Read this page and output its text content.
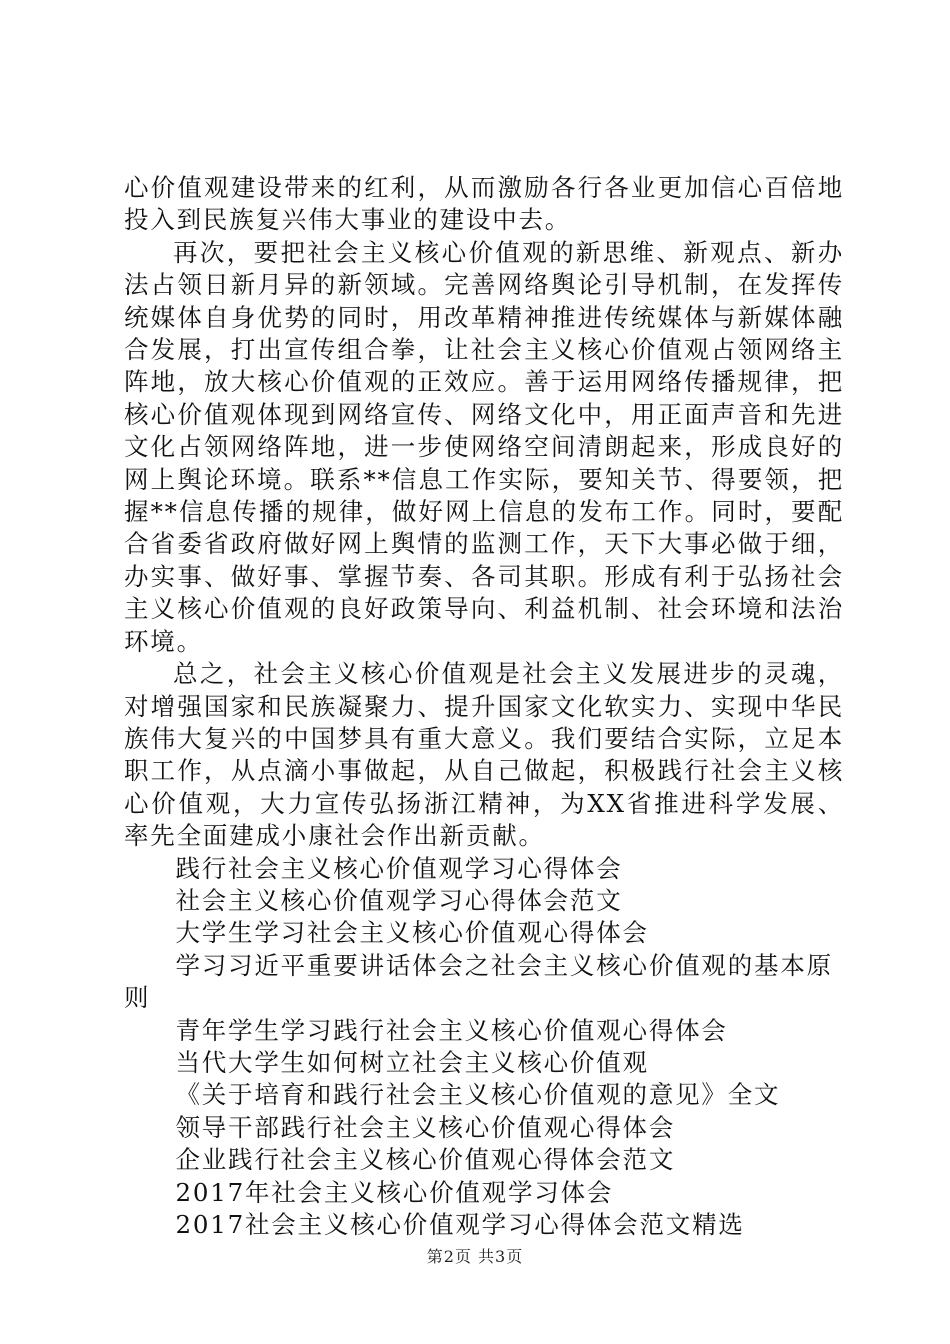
心价值观建设带来的红利，从而激励各行各业更加信心百倍地投入到民族复兴伟大事业的建设中去。

再次，要把社会主义核心价值观的新思维、新观点、新办法占领日新月异的新领域。完善网络舆论引导机制，在发挥传统媒体自身优势的同时，用改革精神推进传统媒体与新媒体融合发展，打出宣传组合拳，让社会主义核心价值观占领网络主阵地，放大核心价值观的正效应。善于运用网络传播规律，把核心价值观体现到网络宣传、网络文化中，用正面声音和先进文化占领网络阵地，进一步使网络空间清朗起来，形成良好的网上舆论环境。联系**信息工作实际，要知关节、得要领，把握**信息传播的规律，做好网上信息的发布工作。同时，要配合省委省政府做好网上舆情的监测工作，天下大事必做于细，办实事、做好事、掌握节奏、各司其职。形成有利于弘扬社会主义核心价值观的良好政策导向、利益机制、社会环境和法治环境。

总之，社会主义核心价值观是社会主义发展进步的灵魂，对增强国家和民族凝聚力、提升国家文化软实力、实现中华民族伟大复兴的中国梦具有重大意义。我们要结合实际，立足本职工作，从点滴小事做起，从自己做起，积极践行社会主义核心价值观，大力宣传弘扬浙江精神，为XX省推进科学发展、率先全面建成小康社会作出新贡献。

践行社会主义核心价值观学习心得体会
社会主义核心价值观学习心得体会范文
大学生学习社会主义核心价值观心得体会
学习习近平重要讲话体会之社会主义核心价值观的基本原则
青年学生学习践行社会主义核心价值观心得体会
当代大学生如何树立社会主义核心价值观
《关于培育和践行社会主义核心价值观的意见》全文
领导干部践行社会主义核心价值观心得体会
企业践行社会主义核心价值观心得体会范文
2017年社会主义核心价值观学习体会
2017社会主义核心价值观学习心得体会范文精选
第2页 共3页
